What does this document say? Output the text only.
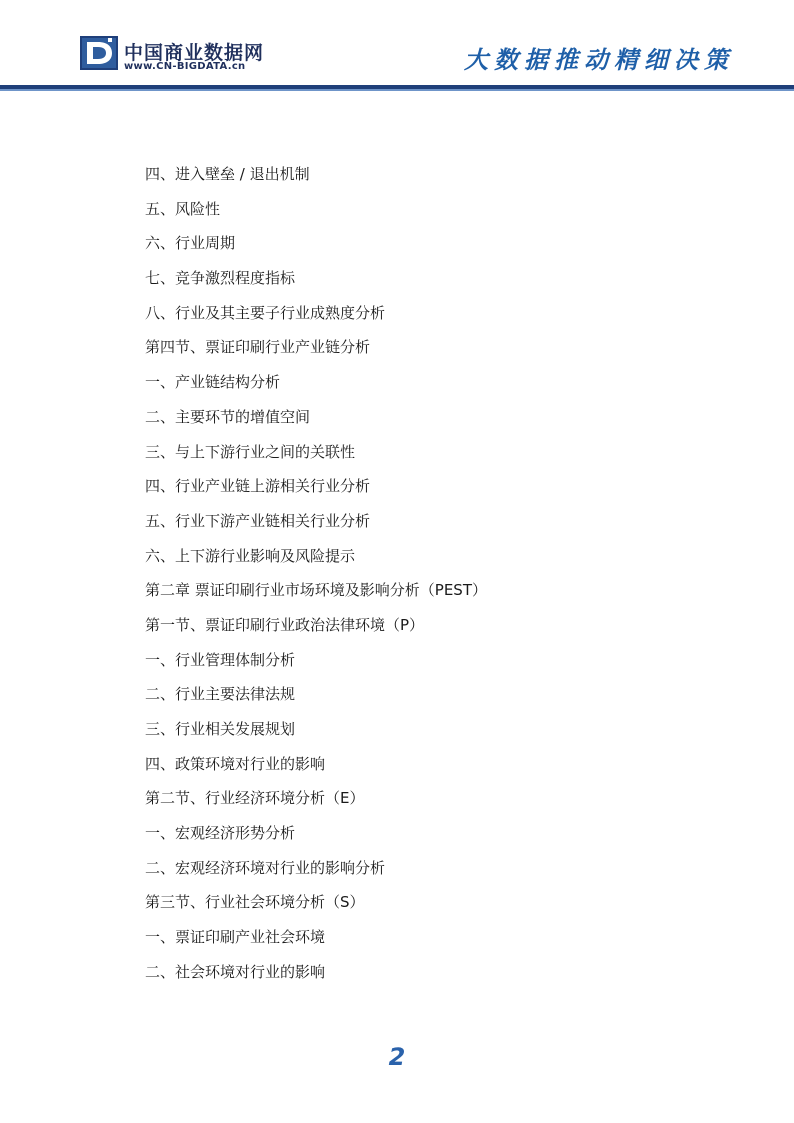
中国商业数据网
www.CN-BIGDATA.cn	大数据推动精细决策
四、进入壁垒 / 退出机制
五、风险性
六、行业周期
七、竞争激烈程度指标
八、行业及其主要子行业成熟度分析
第四节、票证印刷行业产业链分析
一、产业链结构分析
二、主要环节的增值空间
三、与上下游行业之间的关联性
四、行业产业链上游相关行业分析
五、行业下游产业链相关行业分析
六、上下游行业影响及风险提示
第二章 票证印刷行业市场环境及影响分析（PEST）
第一节、票证印刷行业政治法律环境（P）
一、行业管理体制分析
二、行业主要法律法规
三、行业相关发展规划
四、政策环境对行业的影响
第二节、行业经济环境分析（E）
一、宏观经济形势分析
二、宏观经济环境对行业的影响分析
第三节、行业社会环境分析（S）
一、票证印刷产业社会环境
二、社会环境对行业的影响
2
